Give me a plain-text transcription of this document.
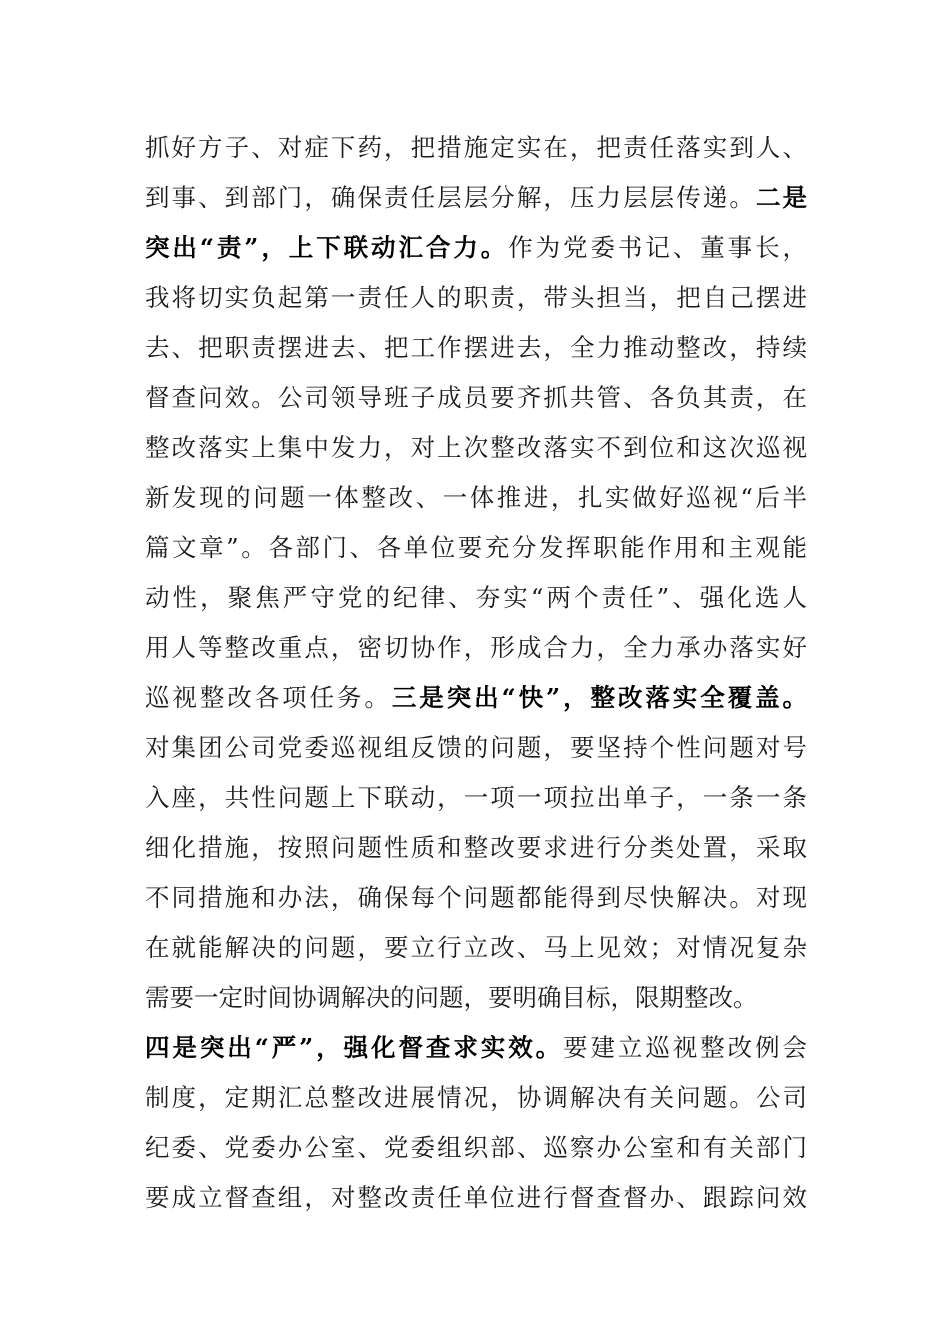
抓好方子、对症下药，把措施定实在，把责任落实到人、
到事、到部门，确保责任层层分解，压力层层传递。二是
突出“责”，上下联动汇合力。作为党委书记、董事长，
我将切实负起第一责任人的职责，带头担当，把自己摆进
去、把职责摆进去、把工作摆进去，全力推动整改，持续
督查问效。公司领导班子成员要齐抓共管、各负其责，在
整改落实上集中发力，对上次整改落实不到位和这次巡视
新发现的问题一体整改、一体推进，扎实做好巡视“后半
篇文章”。各部门、各单位要充分发挥职能作用和主观能
动性，聚焦严守党的纪律、夯实“两个责任”、强化选人
用人等整改重点，密切协作，形成合力，全力承办落实好
巡视整改各项任务。三是突出“快”，整改落实全覆盖。
对集团公司党委巡视组反馈的问题，要坚持个性问题对号
入座，共性问题上下联动，一项一项拉出单子，一条一条
细化措施，按照问题性质和整改要求进行分类处置，采取
不同措施和办法，确保每个问题都能得到尽快解决。对现
在就能解决的问题，要立行立改、马上见效；对情况复杂
需要一定时间协调解决的问题，要明确目标，限期整改。
四是突出“严”，强化督查求实效。要建立巡视整改例会
制度，定期汇总整改进展情况，协调解决有关问题。公司
纪委、党委办公室、党委组织部、巡察办公室和有关部门
要成立督查组，对整改责任单位进行督查督办、跟踪问效
